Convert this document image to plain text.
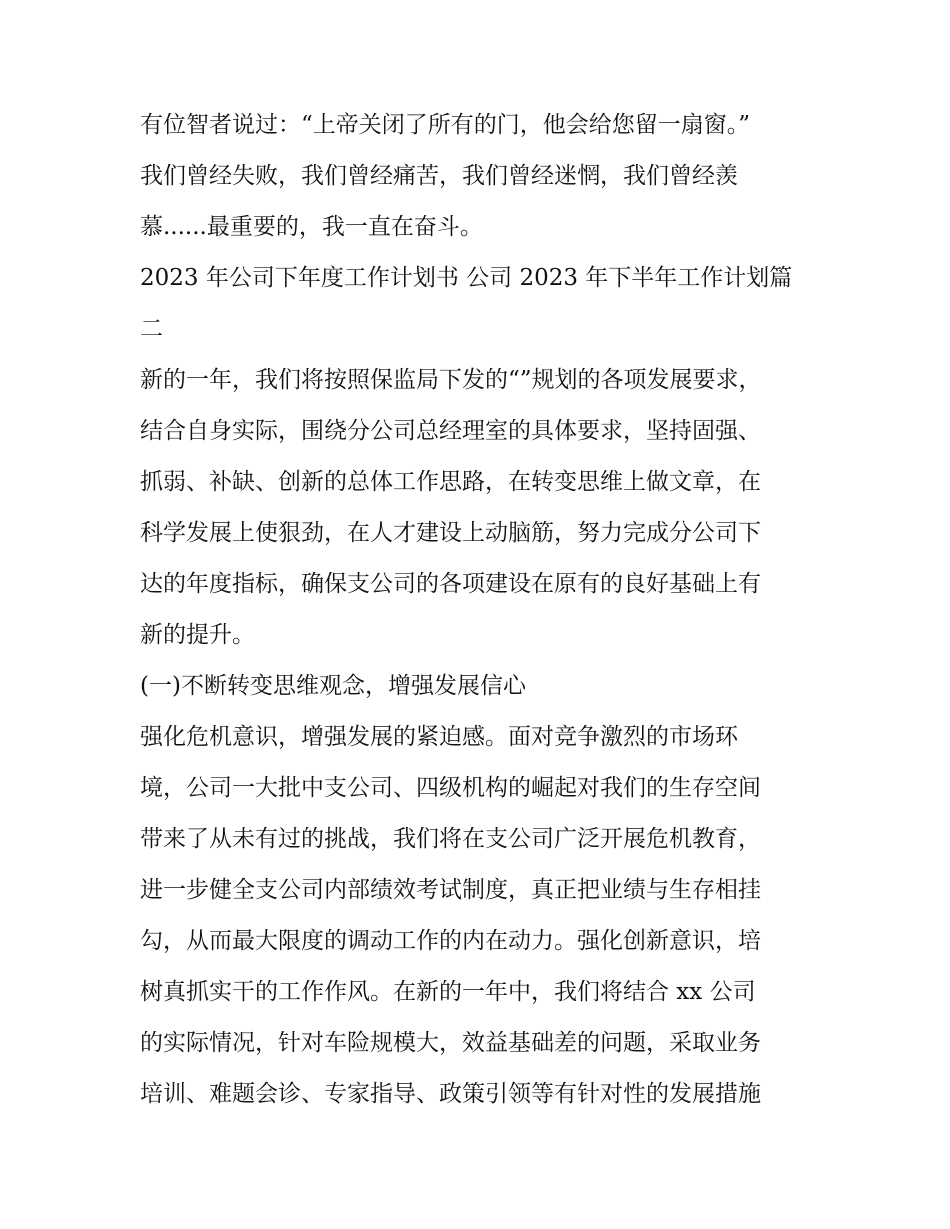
有位智者说过：“上帝关闭了所有的门，他会给您留一扇窗。”
我们曾经失败，我们曾经痛苦，我们曾经迷惘，我们曾经羡
慕......最重要的，我一直在奋斗。
2023 年公司下年度工作计划书 公司 2023 年下半年工作计划篇
二
新的一年，我们将按照保监局下发的“”规划的各项发展要求，
结合自身实际，围绕分公司总经理室的具体要求，坚持固强、
抓弱、补缺、创新的总体工作思路，在转变思维上做文章，在
科学发展上使狠劲，在人才建设上动脑筋，努力完成分公司下
达的年度指标，确保支公司的各项建设在原有的良好基础上有
新的提升。
(一)不断转变思维观念，增强发展信心
强化危机意识，增强发展的紧迫感。面对竞争激烈的市场环
境，公司一大批中支公司、四级机构的崛起对我们的生存空间
带来了从未有过的挑战，我们将在支公司广泛开展危机教育，
进一步健全支公司内部绩效考试制度，真正把业绩与生存相挂
勾，从而最大限度的调动工作的内在动力。强化创新意识，培
树真抓实干的工作作风。在新的一年中，我们将结合 xx 公司
的实际情况，针对车险规模大，效益基础差的问题，采取业务
培训、难题会诊、专家指导、政策引领等有针对性的发展措施
